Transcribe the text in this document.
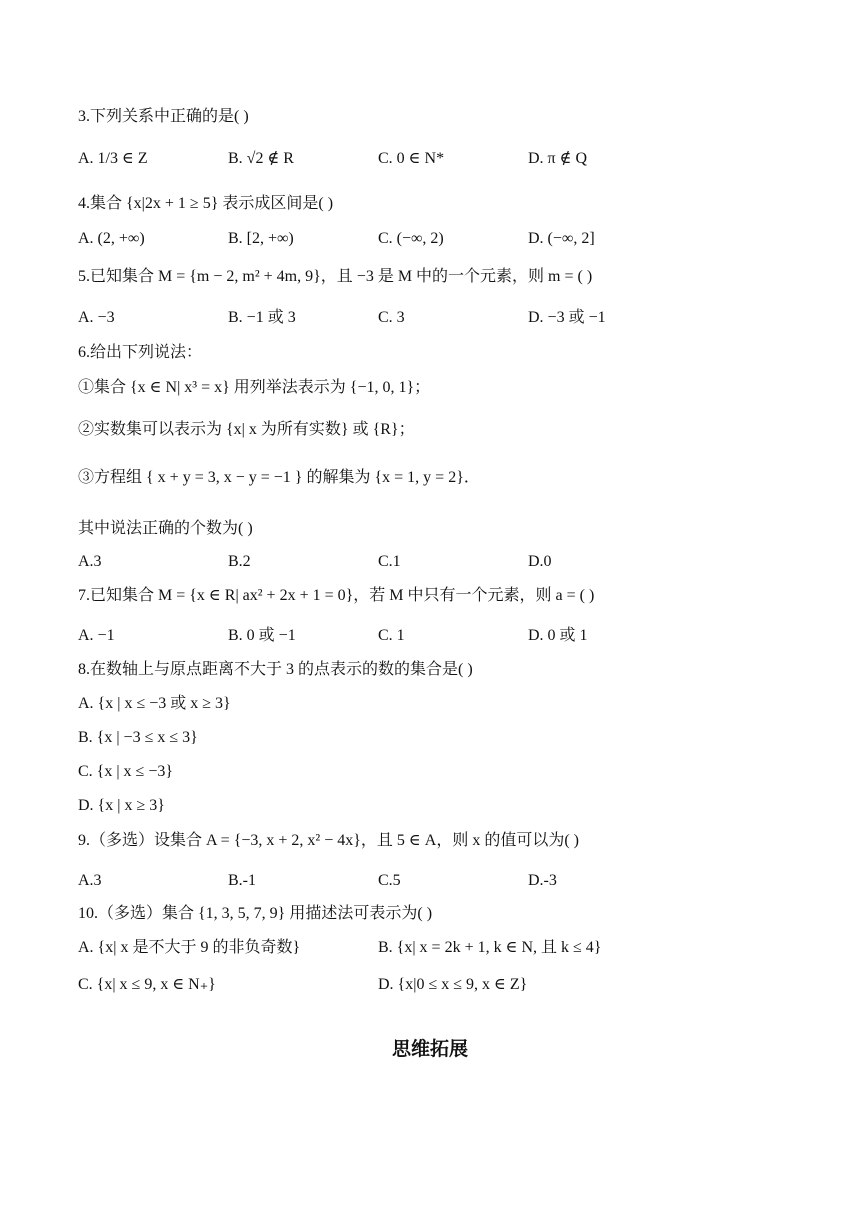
3.下列关系中正确的是( )
A. 1/3 ∈ Z	B. √2 ∉ R	C. 0 ∈ N*	D. π ∉ Q
4.集合 {x|2x + 1 ≥ 5} 表示成区间是( )
A. (2, +∞)	B. [2, +∞)	C. (−∞, 2)	D. (−∞, 2]
5.已知集合 M = {m − 2, m² + 4m, 9}，且 −3 是 M 中的一个元素，则 m = ( )
A. −3	B. −1 或 3	C. 3	D. −3 或 −1
6.给出下列说法：
①集合 {x ∈ N| x³ = x} 用列举法表示为 {−1, 0, 1}；
②实数集可以表示为 {x| x 为所有实数} 或 {R}；
③方程组 { x + y = 3, x − y = −1 } 的解集为 {x = 1, y = 2}．
其中说法正确的个数为( )
A.3	B.2	C.1	D.0
7.已知集合 M = {x ∈ R| ax² + 2x + 1 = 0}，若 M 中只有一个元素，则 a = ( )
A. −1	B. 0 或 −1	C. 1	D. 0 或 1
8.在数轴上与原点距离不大于 3 的点表示的数的集合是( )
A. {x | x ≤ −3 或 x ≥ 3}
B. {x | −3 ≤ x ≤ 3}
C. {x | x ≤ −3}
D. {x | x ≥ 3}
9.（多选）设集合 A = {−3, x + 2, x² − 4x}，且 5 ∈ A，则 x 的值可以为( )
A.3	B.-1	C.5	D.-3
10.（多选）集合 {1, 3, 5, 7, 9} 用描述法可表示为( )
A. {x| x 是不大于 9 的非负奇数}	B. {x| x = 2k + 1, k ∈ N, 且 k ≤ 4}
C. {x| x ≤ 9, x ∈ N₊}	D. {x|0 ≤ x ≤ 9, x ∈ Z}
思维拓展
